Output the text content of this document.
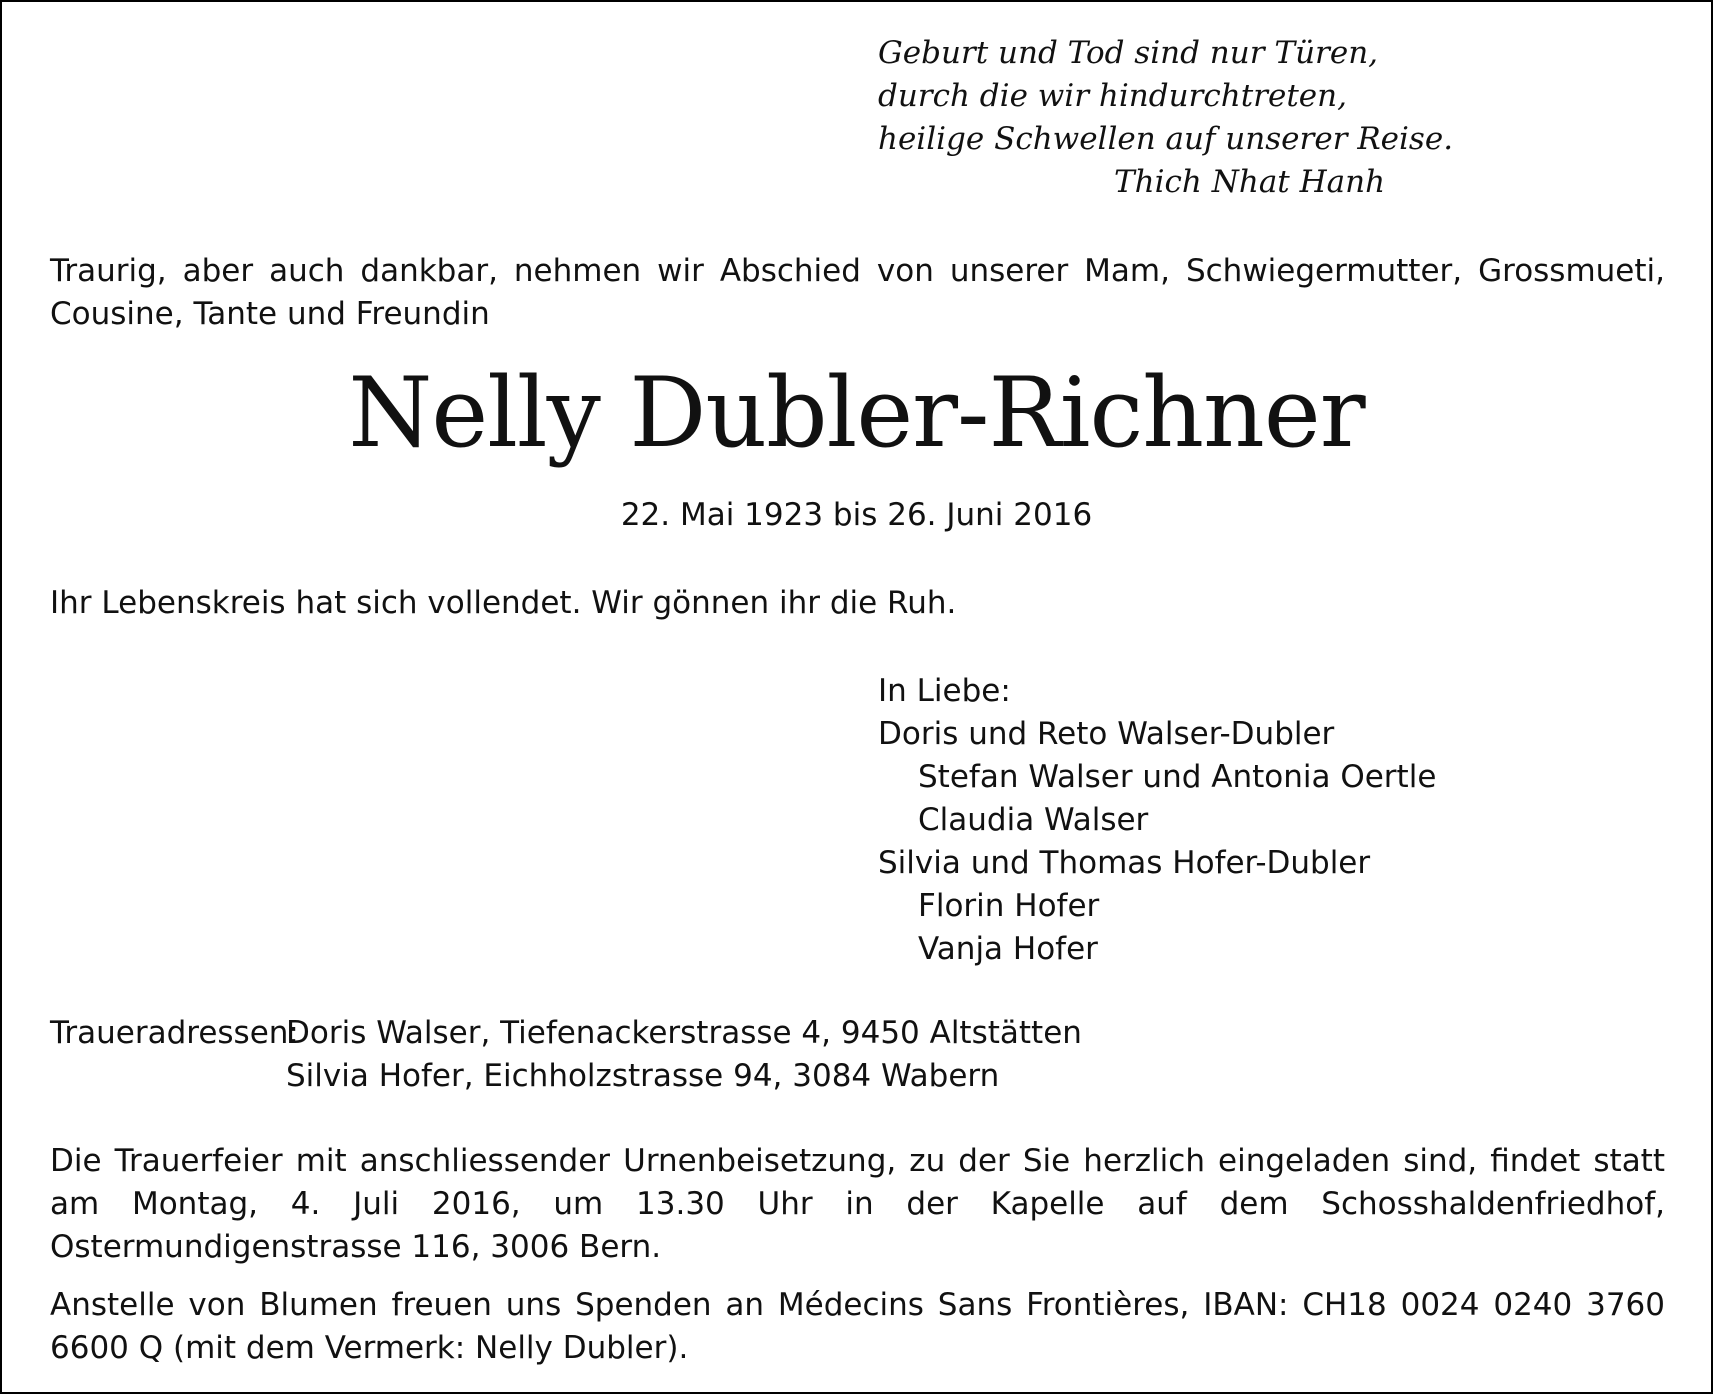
Geburt und Tod sind nur Türen,
durch die wir hindurchtreten,
heilige Schwellen auf unserer Reise.
Thich Nhat Hanh
Traurig, aber auch dankbar, nehmen wir Abschied von unserer Mam, Schwiegermutter, Grossmueti, Cousine, Tante und Freundin
Nelly Dubler-Richner
22. Mai 1923 bis 26. Juni 2016
Ihr Lebenskreis hat sich vollendet. Wir gönnen ihr die Ruh.
In Liebe:
Doris und Reto Walser-Dubler
Stefan Walser und Antonia Oertle
Claudia Walser
Silvia und Thomas Hofer-Dubler
Florin Hofer
Vanja Hofer
Traueradressen:
Doris Walser, Tiefenackerstrasse 4, 9450 Altstätten
Silvia Hofer, Eichholzstrasse 94, 3084 Wabern
Die Trauerfeier mit anschliessender Urnenbeisetzung, zu der Sie herzlich eingeladen sind, findet statt am Montag, 4. Juli 2016, um 13.30 Uhr in der Kapelle auf dem Schosshaldenfriedhof, Ostermundigenstrasse 116, 3006 Bern.
Anstelle von Blumen freuen uns Spenden an Médecins Sans Frontières, IBAN: CH18 0024 0240 3760 6600 Q (mit dem Vermerk: Nelly Dubler).
